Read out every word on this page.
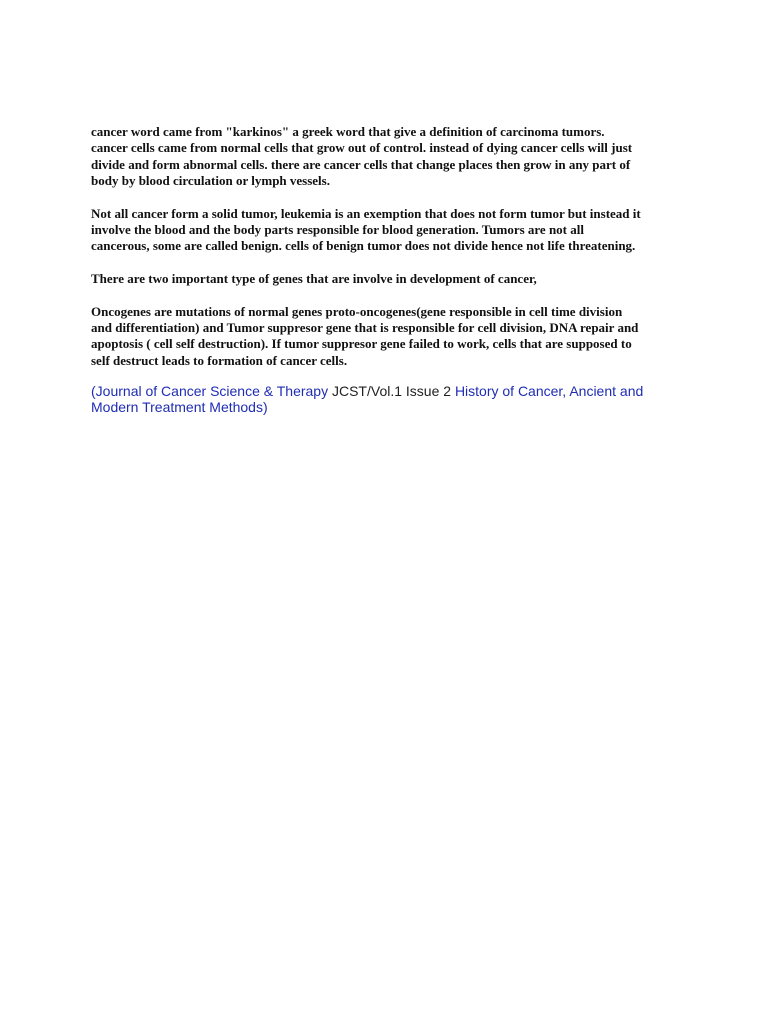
cancer word came from "karkinos" a greek word that give a definition of carcinoma tumors.
cancer cells came from normal cells that grow out of control. instead of dying cancer cells will just
divide and form abnormal cells. there are cancer cells that change places then grow in any part of
body by blood circulation or lymph vessels.

Not all cancer form a solid tumor, leukemia is an exemption that does not form tumor but instead it
involve the blood and the body parts responsible for blood generation. Tumors are not all
cancerous, some are called benign. cells of benign tumor does not divide hence not life threatening.

There are two important type of genes that are involve in development of cancer,

Oncogenes are mutations of normal genes proto-oncogenes(gene responsible in cell time division
and differentiation) and Tumor suppresor gene that is responsible for cell division, DNA repair and
apoptosis ( cell self destruction). If tumor suppresor gene failed to work, cells that are supposed to
self destruct leads to formation of cancer cells.

(Journal of Cancer Science & Therapy JCST/Vol.1 Issue 2 History of Cancer, Ancient and
Modern Treatment Methods)
